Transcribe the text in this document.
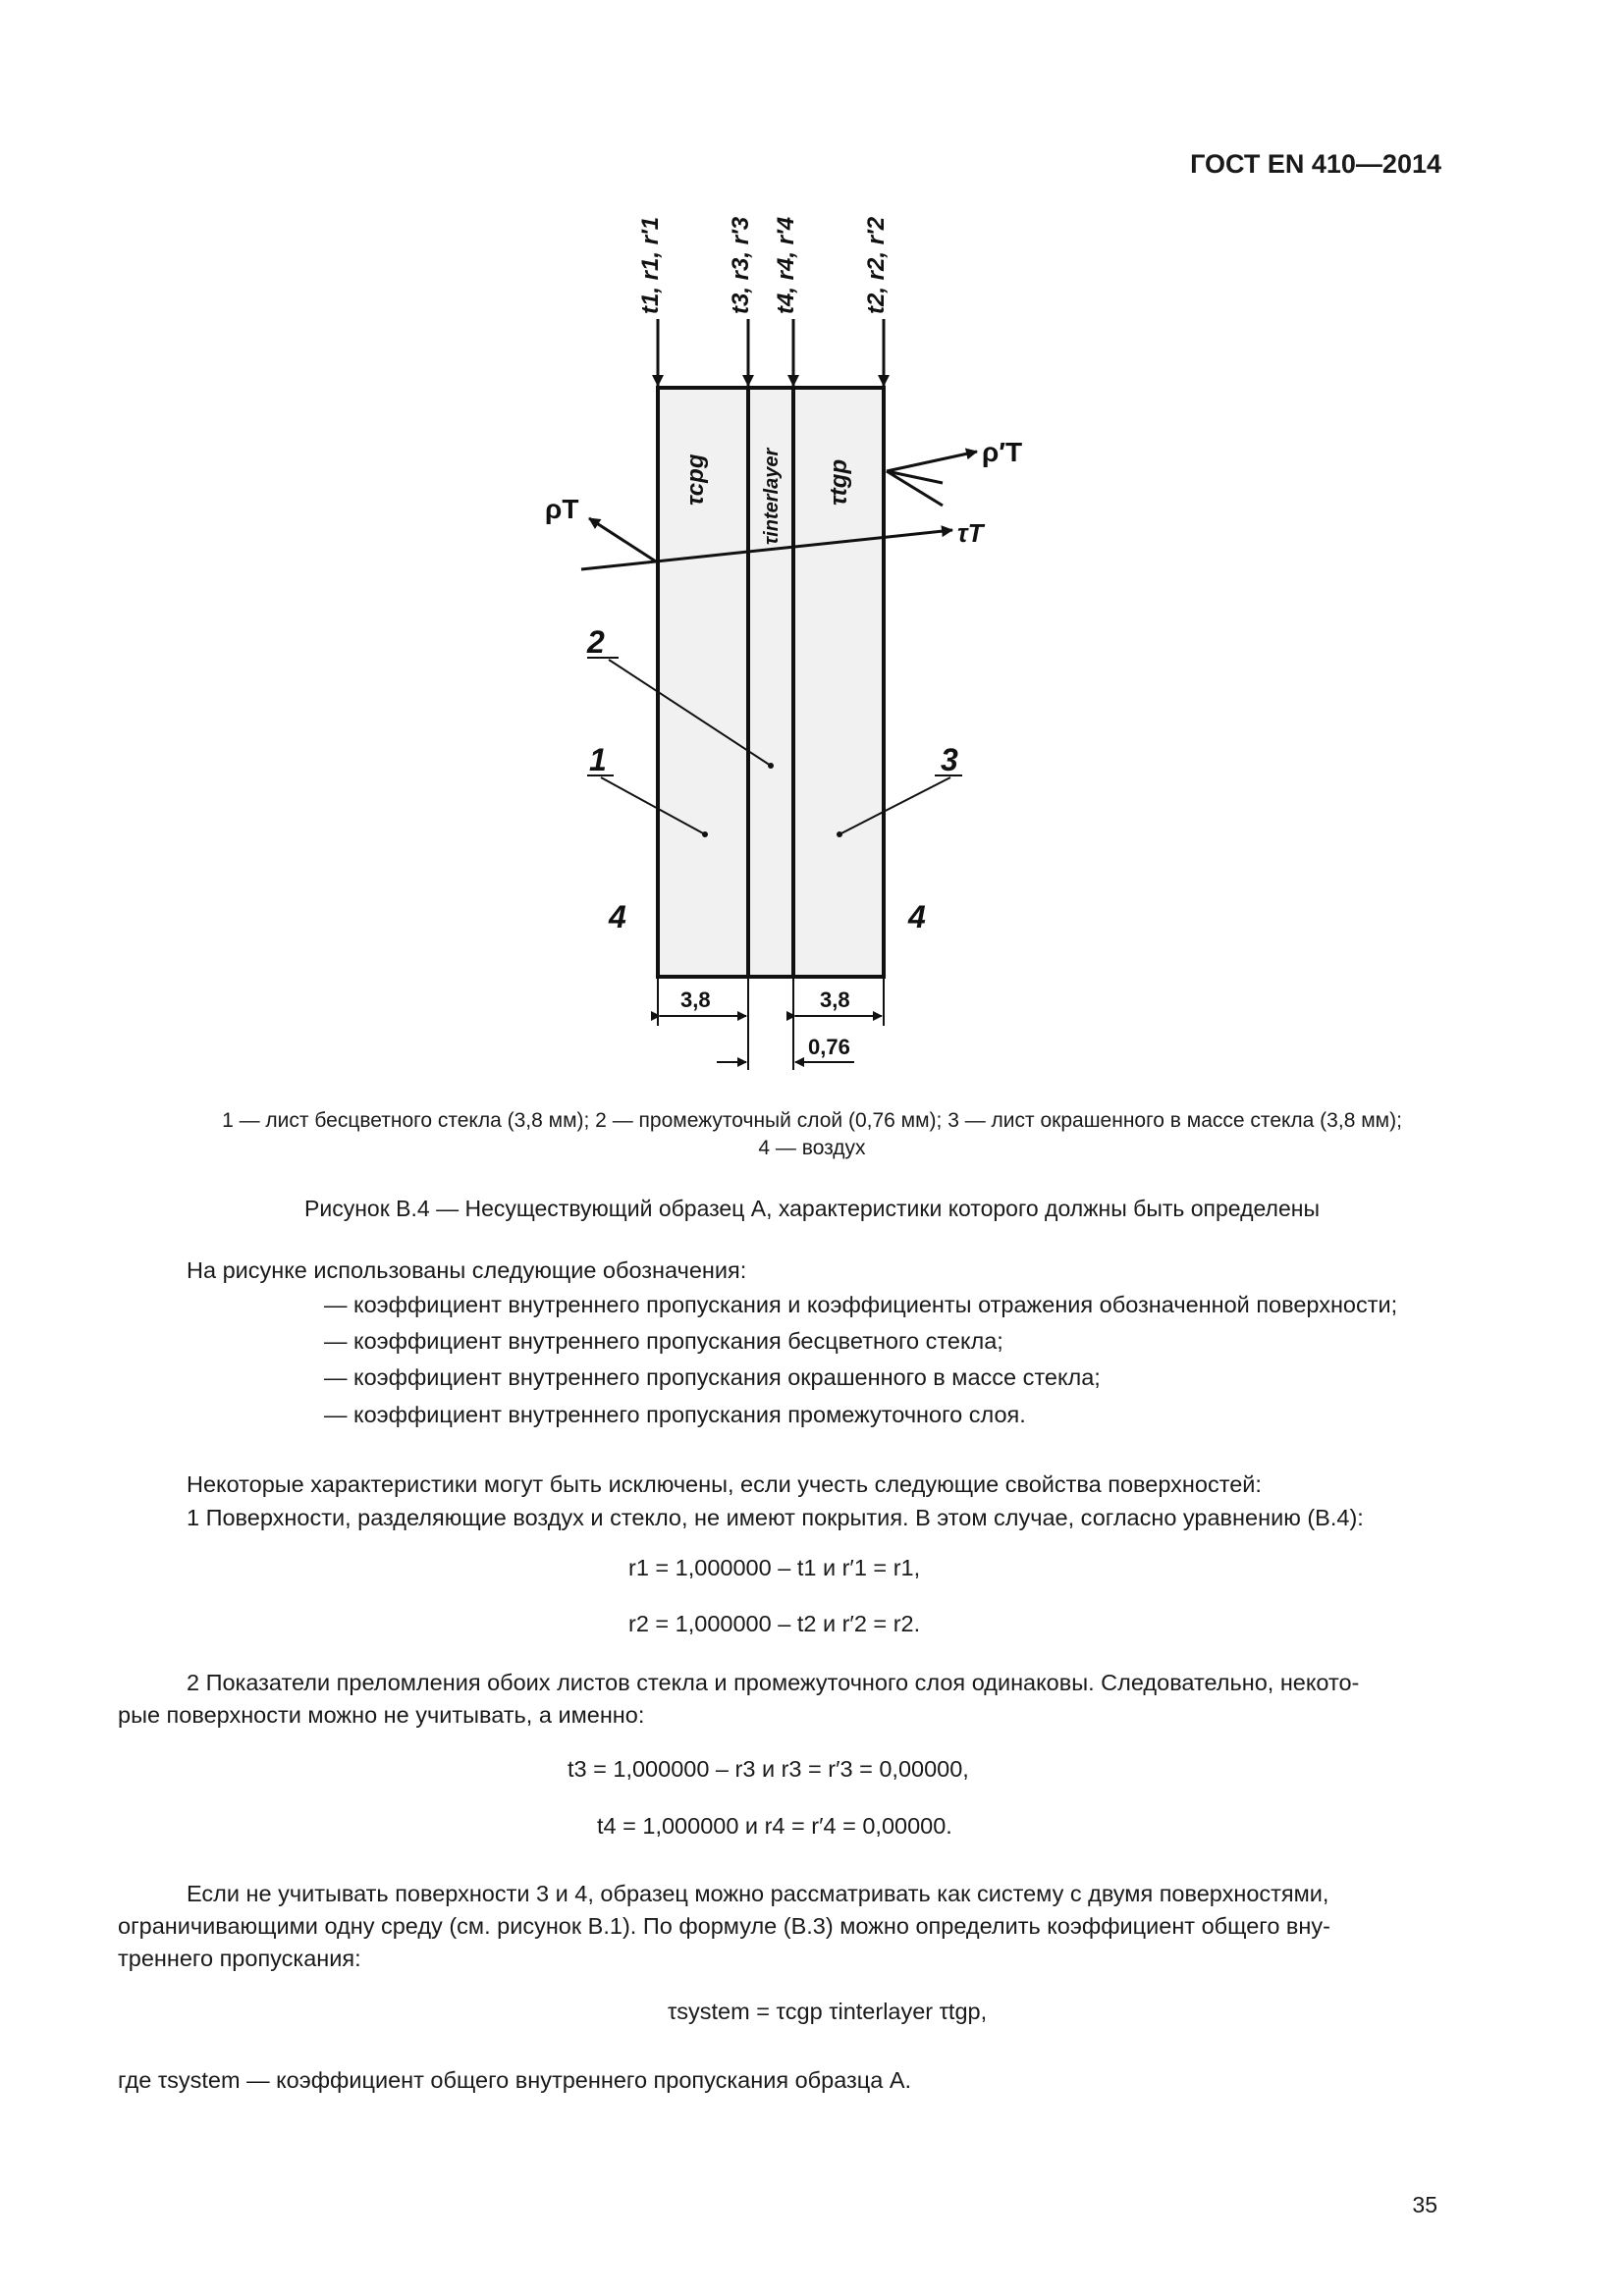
ГОСТ EN 410—2014
t1, r1, r′1	t3, r3, r′3 t4, r4, r′4	t2, r2, r′2
τcpg	τinterlayer τtgp
τT
ρT
ρ′T
2
1	3
4	4
3,8	3,8
0,76
1 — лист бесцветного стекла (3,8 мм); 2 — промежуточный слой (0,76 мм); 3 — лист окрашенного в массе стекла (3,8 мм);
4 — воздух
Рисунок В.4 — Несуществующий образец А, характеристики которого должны быть определены
На рисунке использованы следующие обозначения:
— коэффициент внутреннего пропускания и коэффициенты отражения обозначенной поверхности;
— коэффициент внутреннего пропускания бесцветного стекла;
— коэффициент внутреннего пропускания окрашенного в массе стекла;
— коэффициент внутреннего пропускания промежуточного слоя.
Некоторые характеристики могут быть исключены, если учесть следующие свойства поверхностей:
1 Поверхности, разделяющие воздух и стекло, не имеют покрытия. В этом случае, согласно уравнению (В.4):
r1 = 1,000000 – t1 и r′1 = r1,
r2 = 1,000000 – t2 и r′2 = r2.
2 Показатели преломления обоих листов стекла и промежуточного слоя одинаковы. Следовательно, некото-
рые поверхности можно не учитывать, а именно:
t3 = 1,000000 – r3 и r3 = r′3 = 0,00000,
t4 = 1,000000 и r4 = r′4 = 0,00000.
Если не учитывать поверхности 3 и 4, образец можно рассматривать как систему с двумя поверхностями,
ограничивающими одну среду (см. рисунок В.1). По формуле (В.3) можно определить коэффициент общего вну-
треннего пропускания:
τsystem = τcgp τinterlayer τtgp,
где τsystem — коэффициент общего внутреннего пропускания образца А.
35
